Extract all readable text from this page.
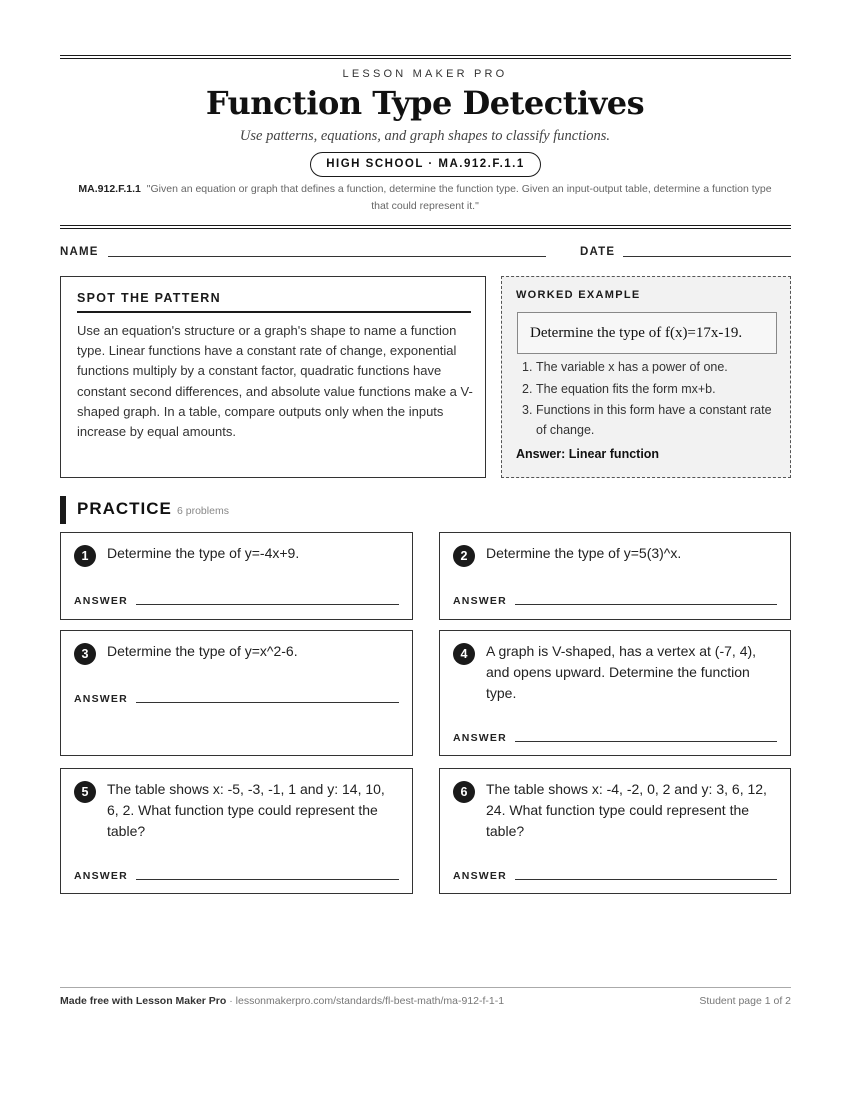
LESSON MAKER PRO
Function Type Detectives
Use patterns, equations, and graph shapes to classify functions.
HIGH SCHOOL · MA.912.F.1.1
MA.912.F.1.1 "Given an equation or graph that defines a function, determine the function type. Given an input-output table, determine a function type that could represent it."
NAME	DATE
SPOT THE PATTERN
Use an equation's structure or a graph's shape to name a function type. Linear functions have a constant rate of change, exponential functions multiply by a constant factor, quadratic functions have constant second differences, and absolute value functions make a V-shaped graph. In a table, compare outputs only when the inputs increase by equal amounts.
WORKED EXAMPLE
Determine the type of f(x)=17x-19.
1. The variable x has a power of one.
2. The equation fits the form mx+b.
3. Functions in this form have a constant rate of change.
Answer: Linear function
PRACTICE 6 problems
1	Determine the type of y=-4x+9.
ANSWER
2	Determine the type of y=5(3)^x.
ANSWER
3	Determine the type of y=x^2-6.
ANSWER
4	A graph is V-shaped, has a vertex at (-7, 4), and opens upward. Determine the function type.
ANSWER
5	The table shows x: -5, -3, -1, 1 and y: 14, 10, 6, 2. What function type could represent the table?
ANSWER
6	The table shows x: -4, -2, 0, 2 and y: 3, 6, 12, 24. What function type could represent the table?
ANSWER
Made free with Lesson Maker Pro · lessonmakerpro.com/standards/fl-best-math/ma-912-f-1-1	Student page 1 of 2
